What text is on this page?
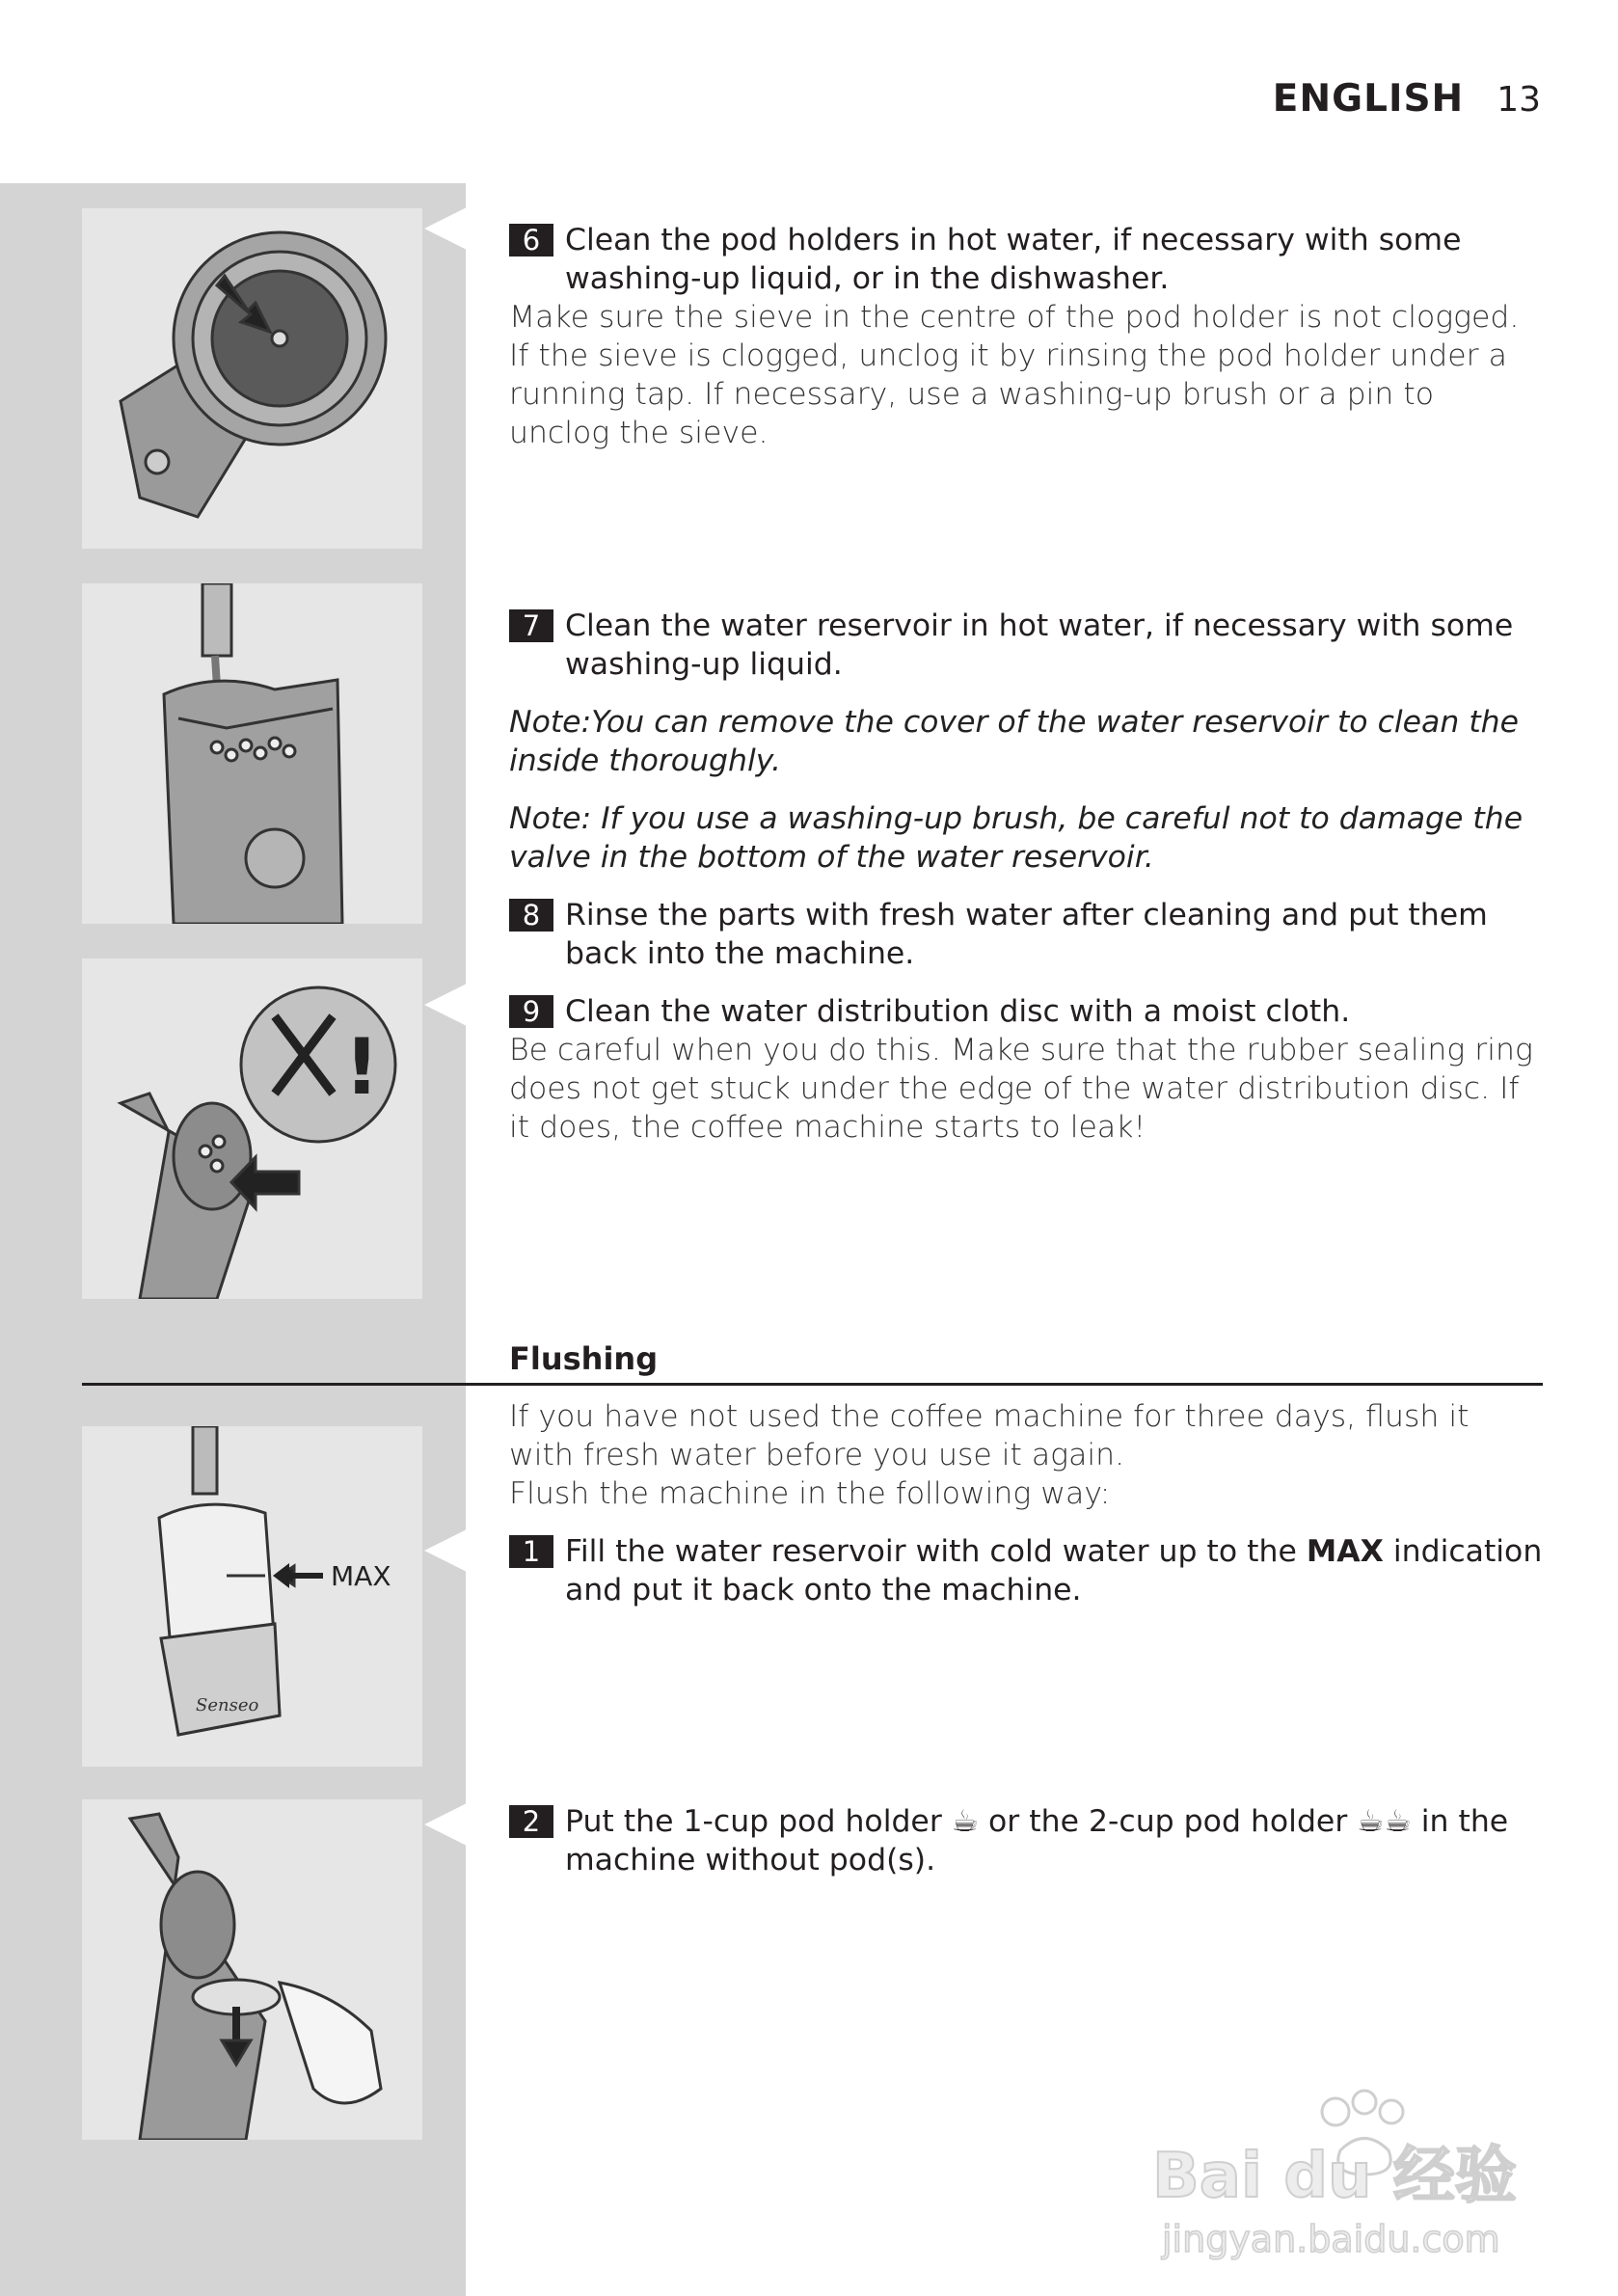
ENGLISH 13
!
MAX
Senseo
6 Clean the pod holders in hot water, if necessary with some washing-up liquid, or in the dishwasher.
Make sure the sieve in the centre of the pod holder is not clogged. If the sieve is clogged, unclog it by rinsing the pod holder under a running tap. If necessary, use a washing-up brush or a pin to unclog the sieve.
7 Clean the water reservoir in hot water, if necessary with some washing-up liquid.
Note:You can remove the cover of the water reservoir to clean the inside thoroughly.
Note: If you use a washing-up brush, be careful not to damage the valve in the bottom of the water reservoir.
8 Rinse the parts with fresh water after cleaning and put them back into the machine.
9 Clean the water distribution disc with a moist cloth.
Be careful when you do this. Make sure that the rubber sealing ring does not get stuck under the edge of the water distribution disc. If it does, the coffee machine starts to leak!
Flushing
If you have not used the coffee machine for three days, flush it with fresh water before you use it again.
Flush the machine in the following way:
1 Fill the water reservoir with cold water up to the MAX indication and put it back onto the machine.
2 Put the 1-cup pod holder ☕ or the 2-cup pod holder ☕☕ in the machine without pod(s).
Bai du 经验
jingyan.baidu.com
